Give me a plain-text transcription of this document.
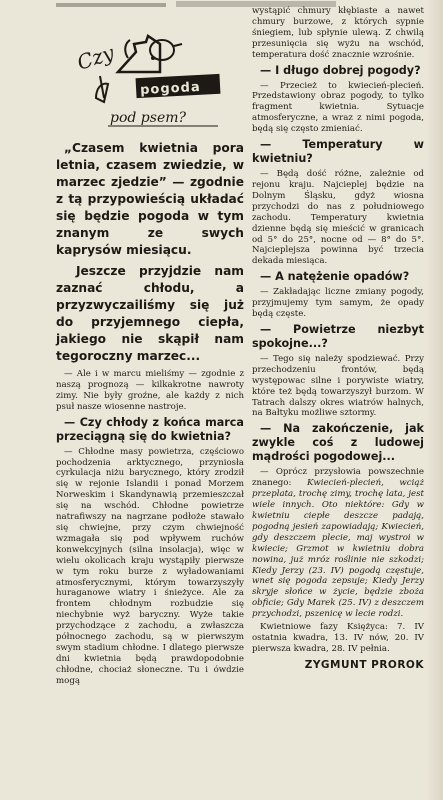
Czy
pogoda
pod psem?

„Czasem kwietnia pora letnia, czasem zwiedzie, w marzec zjedzie” — zgodnie z tą przypowieścią układać się będzie pogoda w tym znanym ze swych kaprysów miesiącu.

Jeszcze przyjdzie nam zaznać chłodu, a przyzwyczailiśmy się już do przyjemnego ciepła, jakiego nie skąpił nam tegoroczny marzec...

— Ale i w marcu mieliśmy — zgodnie z naszą prognozą — kilkakrotne nawroty zimy. Nie były groźne, ale każdy z nich psuł nasze wiosenne nastroje.

— Czy chłody z końca marca przeciągną się do kwietnia?

— Chłodne masy powietrza, częściowo pochodzenia arktycznego, przyniosła cyrkulacja niżu barycznego, który zrodził się w rejonie Islandii i ponad Morzem Norweskim i Skandynawią przemieszczał się na wschód. Chłodne powietrze natrafiwszy na nagrzane podłoże stawało się chwiejne, przy czym chwiejność wzmagała się pod wpływem ruchów konwekcyjnych (silna insolacja), więc w wielu okolicach kraju wystąpiły pierwsze w tym roku burze z wyładowaniami atmosferycznymi, którym towarzyszyły huraganowe wiatry i śnieżyce. Ale za frontem chłodnym rozbudzie się niechybnie wyż baryczny. Wyże takie przychodzące z zachodu, a zwłaszcza północnego zachodu, są w pierwszym swym stadium chłodne. I dlatego pierwsze dni kwietnia będą prawdopodobnie chłodne, chociaż słoneczne. Tu i ówdzie mogą

wystąpić chmury kłębiaste a nawet chmury burzowe, z których sypnie śniegiem, lub spłynie ulewą. Z chwilą przesunięcia się wyżu na wschód, temperatura dość znacznie wzrośnie.

— I długo dobrej pogody?

— Przecież to kwiecień-plecień. Przedstawiony obraz pogody, to tylko fragment kwietnia. Sytuacje atmosferyczne, a wraz z nimi pogoda, będą się często zmieniać.

— Temperatury w kwietniu?

— Będą dość różne, zależnie od rejonu kraju. Najcieplej będzie na Dolnym Śląsku, gdyż wiosna przychodzi do nas z południowego zachodu. Temperatury kwietnia dzienne będą się mieścić w granicach od 5° do 25°, nocne od — 8° do 5°. Najcieplejsza powinna być trzecia dekada miesiąca.

— A natężenie opadów?

— Zakładając liczne zmiany pogody, przyjmujemy tym samym, że opady będą częste.

— Powietrze niezbyt spokojne...?

— Tego się należy spodziewać. Przy przechodzeniu frontów, będą występowac silne i porywiste wiatry, które też będą towarzyszył burzom. W Tatrach dalszy okres wiatrów halnych, na Bałtyku możliwe sztormy.

— Na zakończenie, jak zwykle coś z ludowej mądrości pogodowej...

— Oprócz przysłowia powszechnie znanego: Kwiecień-plecień, wciąż przeplata, trochę zimy, trochę lata, jest wiele innych. Oto niektóre: Gdy w kwietniu ciepłe deszcze padają, pogodną jesień zapowiadają; Kwiecień, gdy deszczem plecie, maj wystroi w kwiecie; Grzmot w kwietniu dobra nowina, już mróz roślinie nie szkodzi; Kiedy Jerzy (23. IV) pogodą częstuje, wnet się pogoda zepsuje; Kiedy Jerzy skryje słońce w życie, będzie zboża obficie; Gdy Marek (25. IV) z deszczem przychodzi, pszenicę w lecie rodzi.

Kwietniowe fazy Księżyca: 7. IV ostatnia kwadra, 13. IV nów, 20. IV pierwsza kwadra, 28. IV pełnia.

ZYGMUNT PROROK
